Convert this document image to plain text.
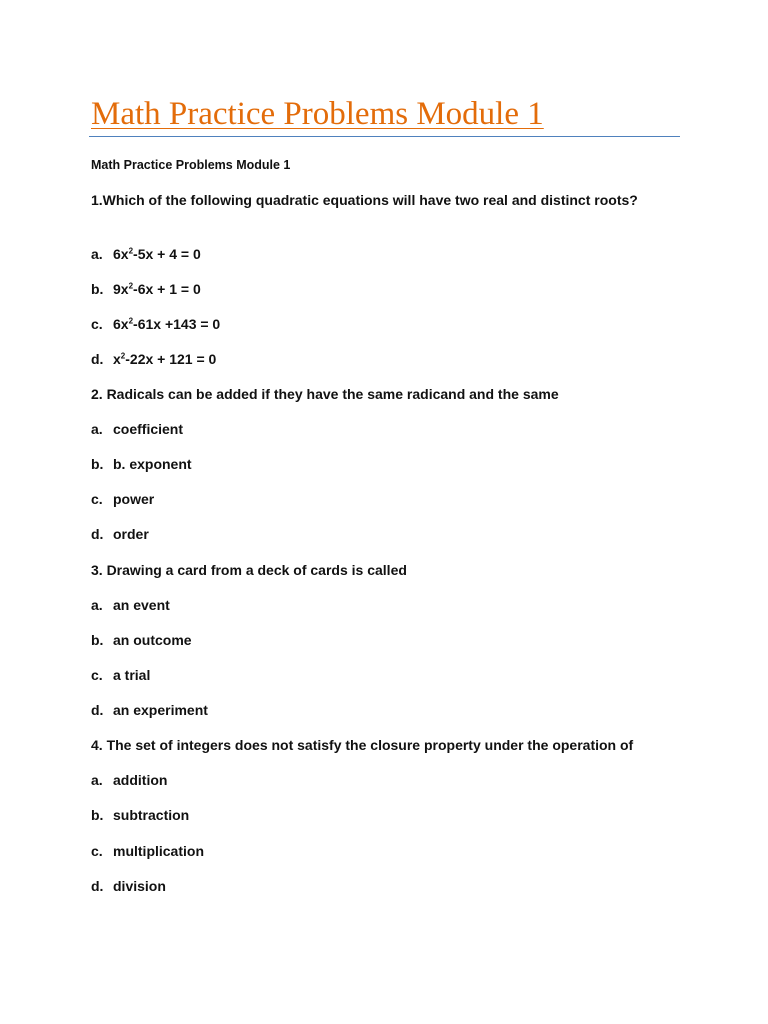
Math Practice Problems Module 1

Math Practice Problems Module 1

1.Which of the following quadratic equations will have two real and distinct roots?

a. $6x^2-5x + 4 = 0$

b. $9x^2-6x + 1 = 0$

c. $6x^2-61x +143 = 0$

d. $x^2-22x + 121 = 0$

2. Radicals can be added if they have the same radicand and the same

a. coefficient

b. b. exponent

c. power

d. order

3. Drawing a card from a deck of cards is called

a. an event

b. an outcome

c. a trial

d. an experiment

4. The set of integers does not satisfy the closure property under the operation of

a. addition

b. subtraction

c. multiplication

d. division
